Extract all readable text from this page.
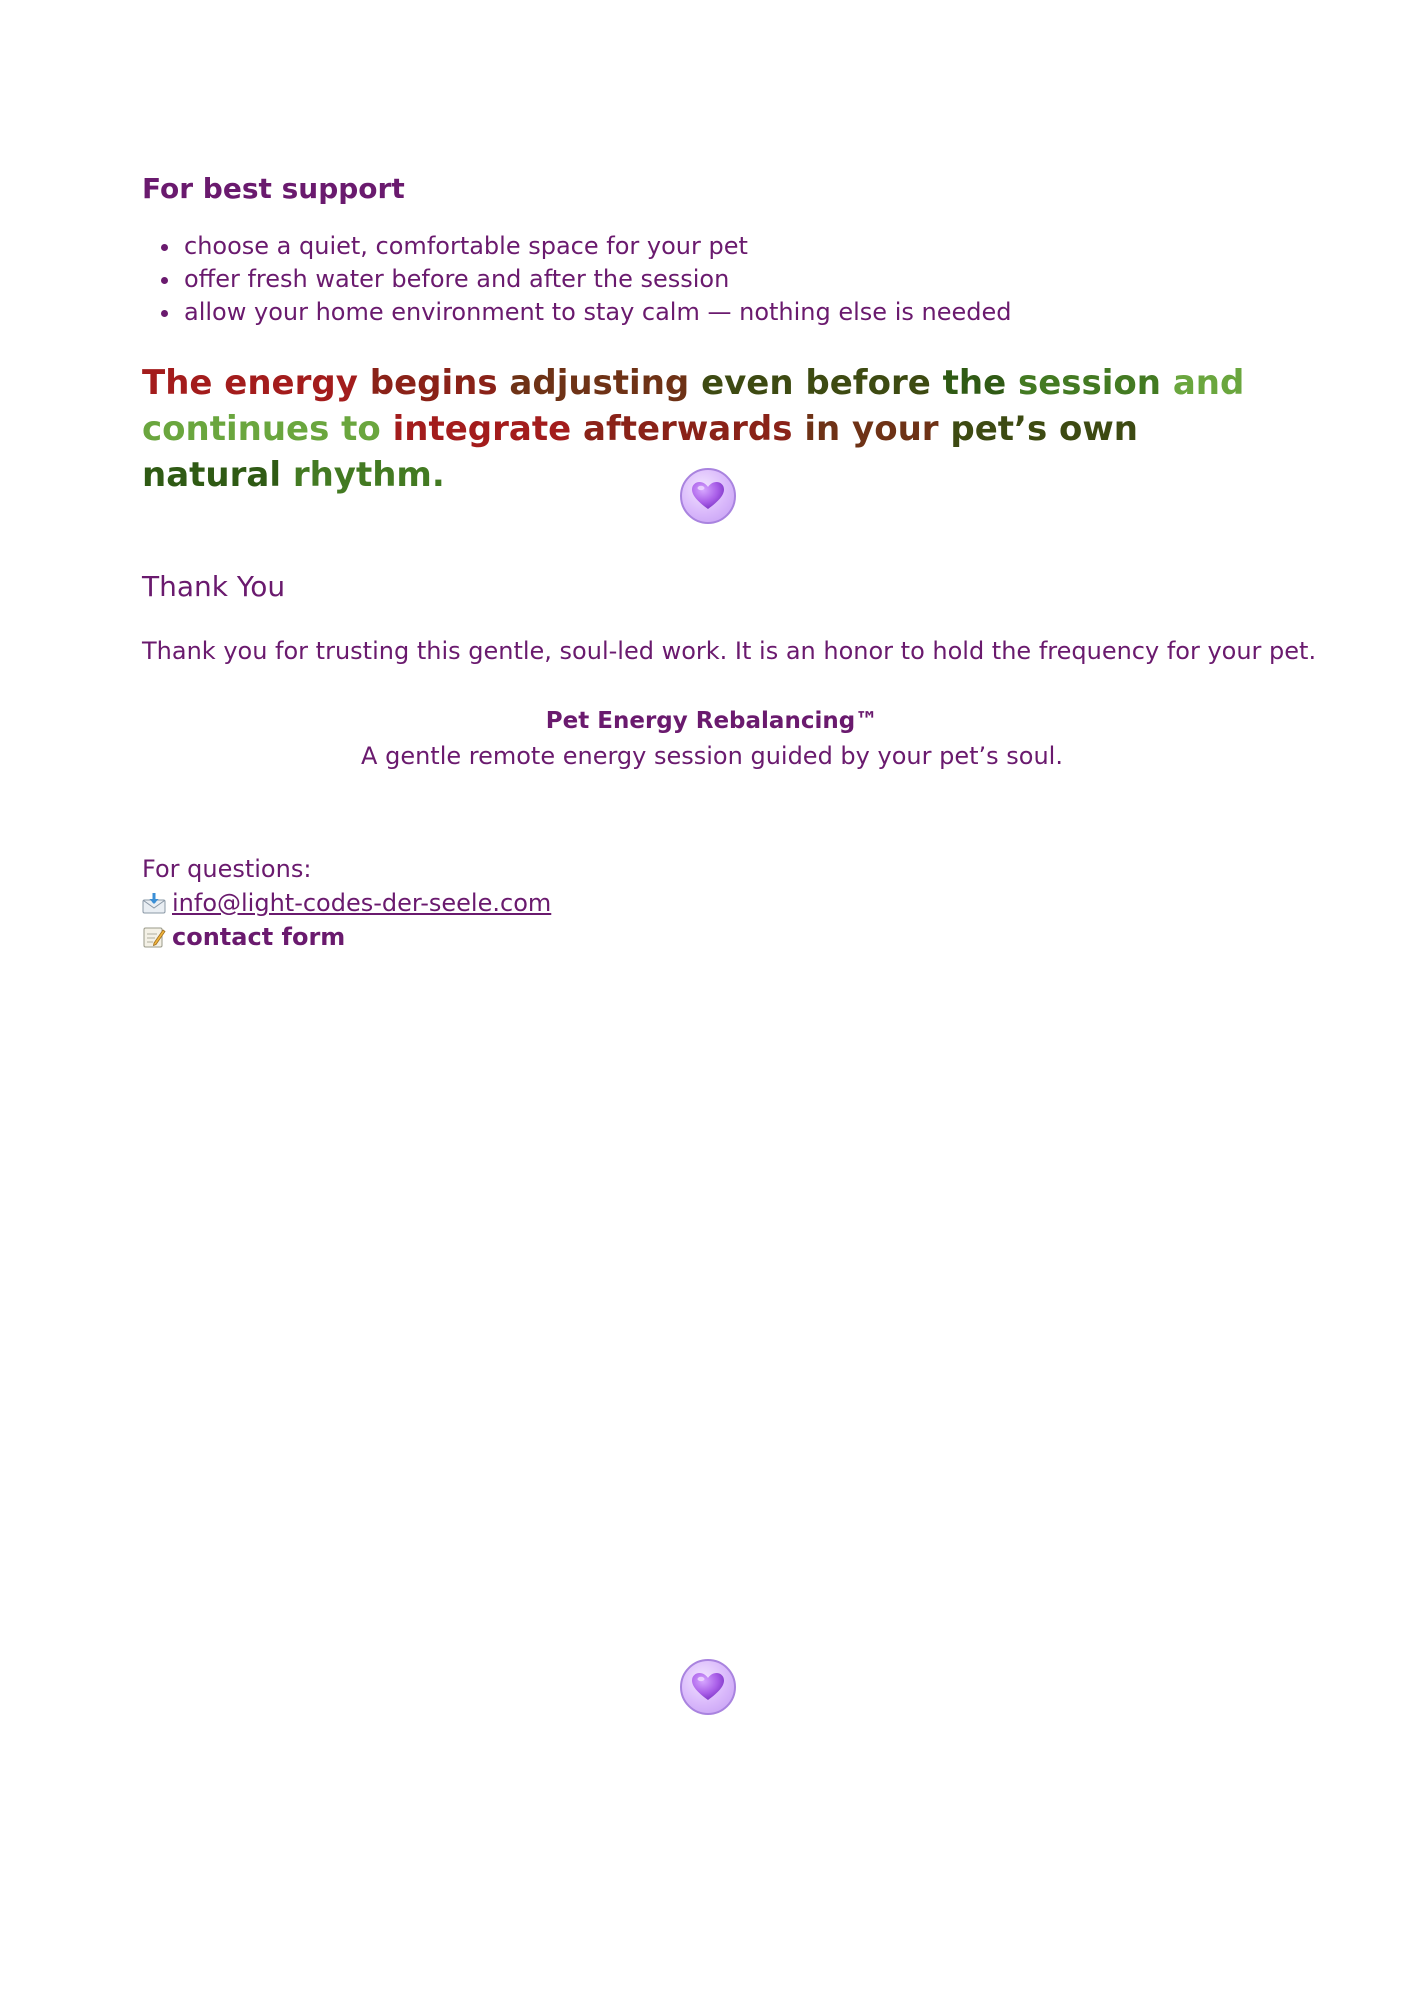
For best support
• choose a quiet, comfortable space for your pet
• offer fresh water before and after the session
• allow your home environment to stay calm — nothing else is needed
The energy begins adjusting even before the session and continues to integrate afterwards in your pet’s own natural rhythm.
Thank You
Thank you for trusting this gentle, soul-led work. It is an honor to hold the frequency for your pet.
Pet Energy Rebalancing™
A gentle remote energy session guided by your pet’s soul.
For questions:
info@light-codes-der-seele.com
contact form
